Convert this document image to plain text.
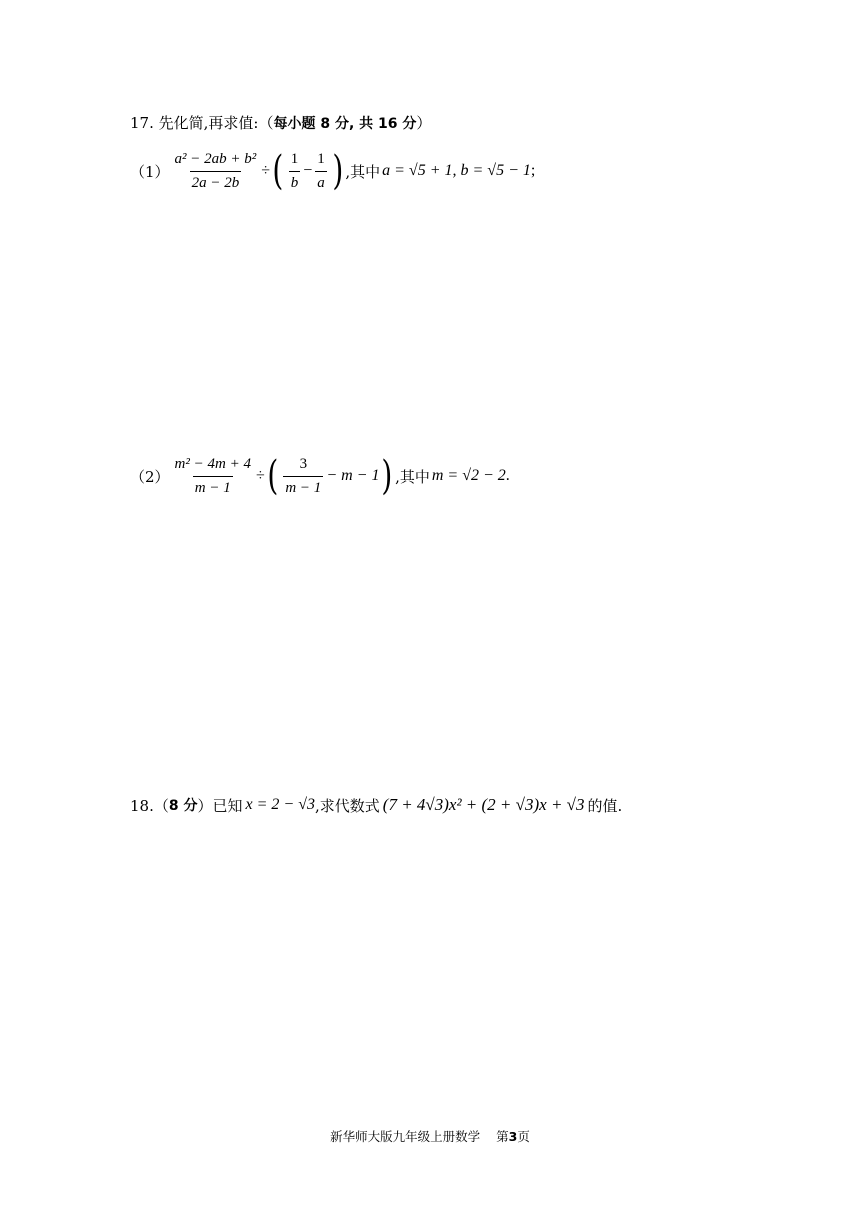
17. 先化简,再求值:（每小题 8 分, 共 16 分）
$(1) \frac{\text{a² − 2ab + b²}}{2a - 2b}$ ÷ ( $\frac{1}{b} - \frac{1}{a}$ ) ,其中 a = √5 + 1, b = √5 − 1 ;
$(2) \frac{\text{m² − 4m + 4}}{m - 1}$ ÷ ( $\frac{3}{m - 1} - m - 1$ ) ,其中 m = √2 − 2 .
18.（ 8 分 ） 已知 x = 2 − √3 ,求代数式 (7 + 4√3)x² + (2 + √3)x + √3 的值.
新华师大版九年级上册数学 第3页
